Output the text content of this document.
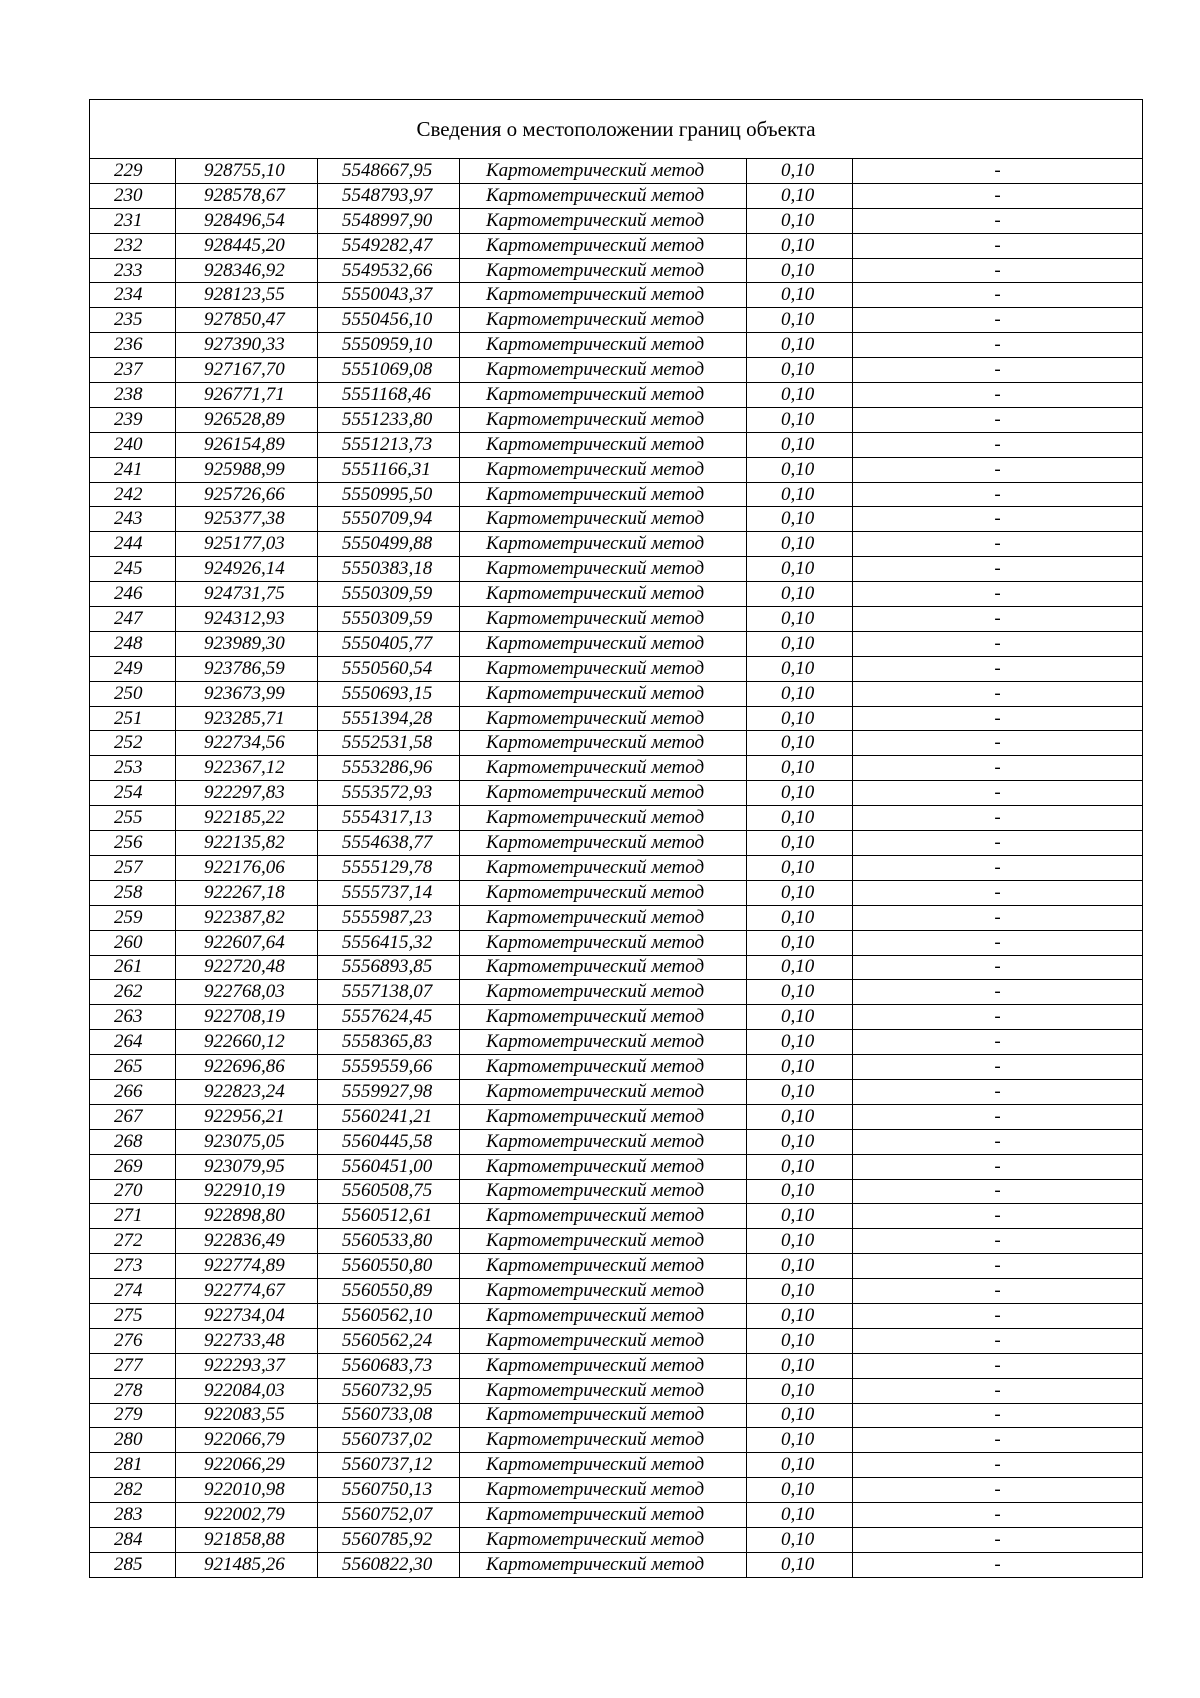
Сведения о местоположении границ объекта					
229	928755,10	5548667,95	Картометрический метод	0,10	-
230	928578,67	5548793,97	Картометрический метод	0,10	-
231	928496,54	5548997,90	Картометрический метод	0,10	-
232	928445,20	5549282,47	Картометрический метод	0,10	-
233	928346,92	5549532,66	Картометрический метод	0,10	-
234	928123,55	5550043,37	Картометрический метод	0,10	-
235	927850,47	5550456,10	Картометрический метод	0,10	-
236	927390,33	5550959,10	Картометрический метод	0,10	-
237	927167,70	5551069,08	Картометрический метод	0,10	-
238	926771,71	5551168,46	Картометрический метод	0,10	-
239	926528,89	5551233,80	Картометрический метод	0,10	-
240	926154,89	5551213,73	Картометрический метод	0,10	-
241	925988,99	5551166,31	Картометрический метод	0,10	-
242	925726,66	5550995,50	Картометрический метод	0,10	-
243	925377,38	5550709,94	Картометрический метод	0,10	-
244	925177,03	5550499,88	Картометрический метод	0,10	-
245	924926,14	5550383,18	Картометрический метод	0,10	-
246	924731,75	5550309,59	Картометрический метод	0,10	-
247	924312,93	5550309,59	Картометрический метод	0,10	-
248	923989,30	5550405,77	Картометрический метод	0,10	-
249	923786,59	5550560,54	Картометрический метод	0,10	-
250	923673,99	5550693,15	Картометрический метод	0,10	-
251	923285,71	5551394,28	Картометрический метод	0,10	-
252	922734,56	5552531,58	Картометрический метод	0,10	-
253	922367,12	5553286,96	Картометрический метод	0,10	-
254	922297,83	5553572,93	Картометрический метод	0,10	-
255	922185,22	5554317,13	Картометрический метод	0,10	-
256	922135,82	5554638,77	Картометрический метод	0,10	-
257	922176,06	5555129,78	Картометрический метод	0,10	-
258	922267,18	5555737,14	Картометрический метод	0,10	-
259	922387,82	5555987,23	Картометрический метод	0,10	-
260	922607,64	5556415,32	Картометрический метод	0,10	-
261	922720,48	5556893,85	Картометрический метод	0,10	-
262	922768,03	5557138,07	Картометрический метод	0,10	-
263	922708,19	5557624,45	Картометрический метод	0,10	-
264	922660,12	5558365,83	Картометрический метод	0,10	-
265	922696,86	5559559,66	Картометрический метод	0,10	-
266	922823,24	5559927,98	Картометрический метод	0,10	-
267	922956,21	5560241,21	Картометрический метод	0,10	-
268	923075,05	5560445,58	Картометрический метод	0,10	-
269	923079,95	5560451,00	Картометрический метод	0,10	-
270	922910,19	5560508,75	Картометрический метод	0,10	-
271	922898,80	5560512,61	Картометрический метод	0,10	-
272	922836,49	5560533,80	Картометрический метод	0,10	-
273	922774,89	5560550,80	Картометрический метод	0,10	-
274	922774,67	5560550,89	Картометрический метод	0,10	-
275	922734,04	5560562,10	Картометрический метод	0,10	-
276	922733,48	5560562,24	Картометрический метод	0,10	-
277	922293,37	5560683,73	Картометрический метод	0,10	-
278	922084,03	5560732,95	Картометрический метод	0,10	-
279	922083,55	5560733,08	Картометрический метод	0,10	-
280	922066,79	5560737,02	Картометрический метод	0,10	-
281	922066,29	5560737,12	Картометрический метод	0,10	-
282	922010,98	5560750,13	Картометрический метод	0,10	-
283	922002,79	5560752,07	Картометрический метод	0,10	-
284	921858,88	5560785,92	Картометрический метод	0,10	-
285	921485,26	5560822,30	Картометрический метод	0,10	-
